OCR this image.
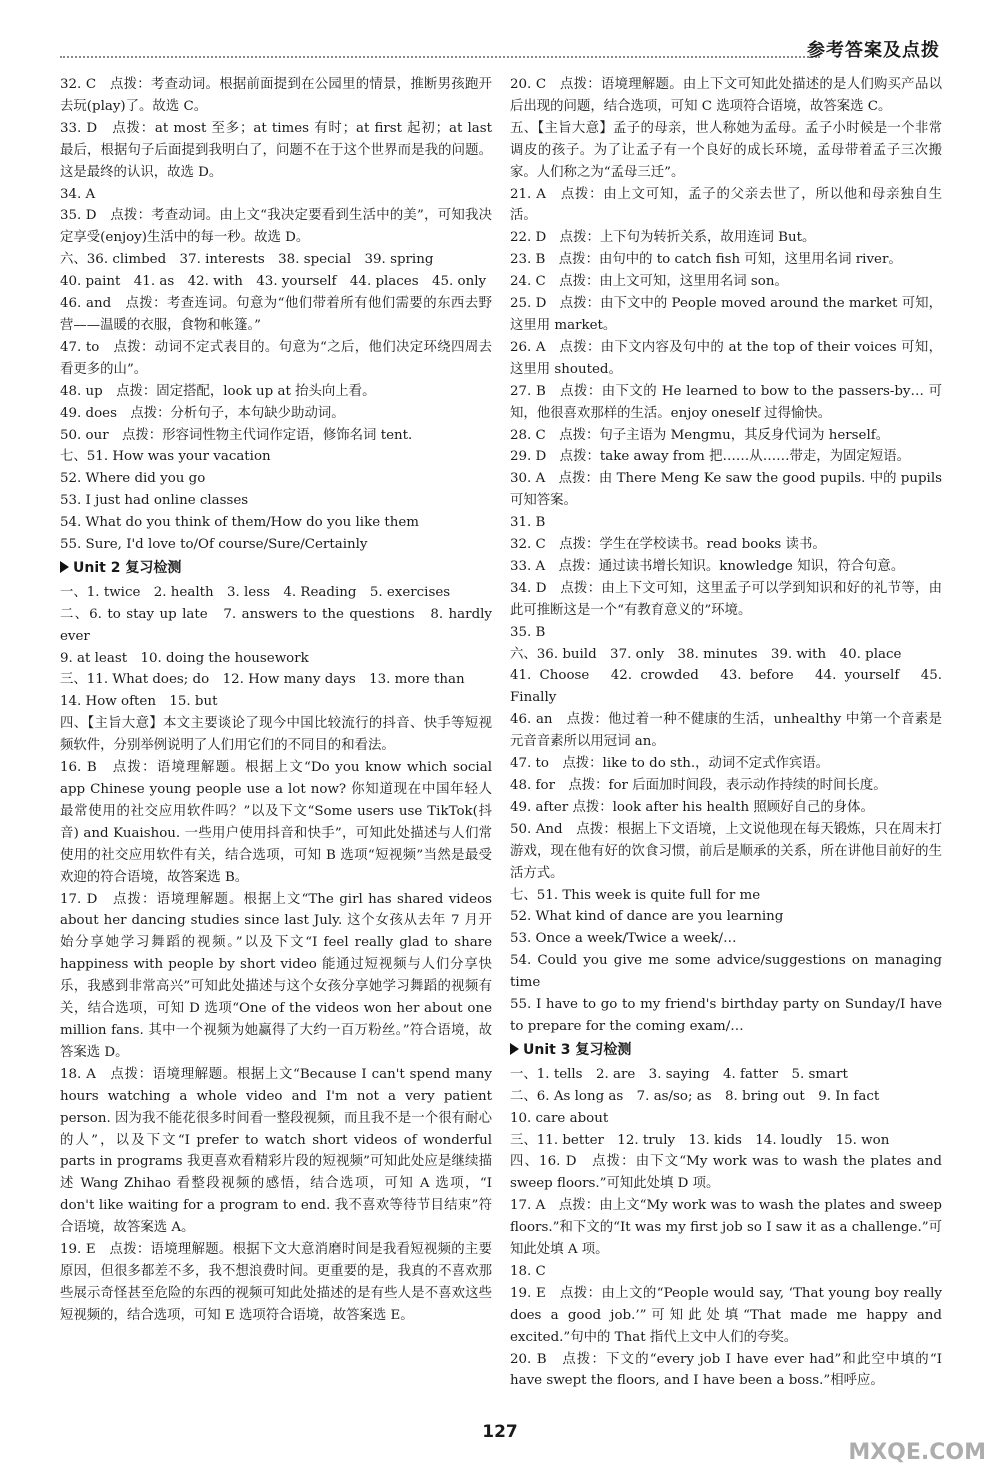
参考答案及点拨

32. C　点拨：考查动词。根据前面提到在公园里的情景，推断男孩跑开去玩(play)了。故选 C。

33. D　点拨：at most 至多；at times 有时；at first 起初；at last 最后，根据句子后面提到我明白了，问题不在于这个世界而是我的问题。这是最终的认识，故选 D。

34. A

35. D　点拨：考查动词。由上文“我决定要看到生活中的美”，可知我决定享受(enjoy)生活中的每一秒。故选 D。

六、36. climbed　37. interests　38. special　39. spring

40. paint　41. as　42. with　43. yourself　44. places　45. only

46. and　点拨：考查连词。句意为“他们带着所有他们需要的东西去野营——温暖的衣服，食物和帐篷。”

47. to　点拨：动词不定式表目的。句意为“之后，他们决定环绕四周去看更多的山”。

48. up　点拨：固定搭配，look up at 抬头向上看。

49. does　点拨：分析句子，本句缺少助动词。

50. our　点拨：形容词性物主代词作定语，修饰名词 tent.

七、51. How was your vacation

52. Where did you go

53. I just had online classes

54. What do you think of them/How do you like them

55. Sure, I'd love to/Of course/Sure/Certainly

Unit 2 复习检测

一、1. twice　2. health　3. less　4. Reading　5. exercises

二、6. to stay up late　7. answers to the questions　8. hardly ever

9. at least　10. doing the housework

三、11. What does; do　12. How many days　13. more than

14. How often　15. but

四、【主旨大意】本文主要谈论了现今中国比较流行的抖音、快手等短视频软件，分别举例说明了人们用它们的不同目的和看法。

16. B　点拨：语境理解题。根据上文“Do you know which social app Chinese young people use a lot now? 你知道现在中国年轻人最常使用的社交应用软件吗？”以及下文“Some users use TikTok(抖音) and Kuaishou. 一些用户使用抖音和快手”，可知此处描述与人们常使用的社交应用软件有关，结合选项，可知 B 选项“短视频”当然是最受欢迎的符合语境，故答案选 B。

17. D　点拨：语境理解题。根据上文“The girl has shared videos about her dancing studies since last July. 这个女孩从去年 7 月开始分享她学习舞蹈的视频。”以及下文“I feel really glad to share happiness with people by short video 能通过短视频与人们分享快乐，我感到非常高兴”可知此处描述与这个女孩分享她学习舞蹈的视频有关，结合选项，可知 D 选项“One of the videos won her about one million fans. 其中一个视频为她赢得了大约一百万粉丝。”符合语境，故答案选 D。

18. A　点拨：语境理解题。根据上文“Because I can't spend many hours watching a whole video and I'm not a very patient person. 因为我不能花很多时间看一整段视频，而且我不是一个很有耐心的人”，以及下文“I prefer to watch short videos of wonderful parts in programs 我更喜欢看精彩片段的短视频”可知此处应是继续描述 Wang Zhihao 看整段视频的感悟，结合选项，可知 A 选项，“I don't like waiting for a program to end. 我不喜欢等待节目结束”符合语境，故答案选 A。

19. E　点拨：语境理解题。根据下文大意消磨时间是我看短视频的主要原因，但很多都差不多，我不想浪费时间。更重要的是，我真的不喜欢那些展示奇怪甚至危险的东西的视频可知此处描述的是有些人是不喜欢这些短视频的，结合选项，可知 E 选项符合语境，故答案选 E。

20. C　点拨：语境理解题。由上下文可知此处描述的是人们购买产品以后出现的问题，结合选项，可知 C 选项符合语境，故答案选 C。

五、【主旨大意】孟子的母亲，世人称她为孟母。孟子小时候是一个非常调皮的孩子。为了让孟子有一个良好的成长环境，孟母带着孟子三次搬家。人们称之为“孟母三迁”。

21. A　点拨：由上文可知，孟子的父亲去世了，所以他和母亲独自生活。

22. D　点拨：上下句为转折关系，故用连词 But。

23. B　点拨：由句中的 to catch fish 可知，这里用名词 river。

24. C　点拨：由上文可知，这里用名词 son。

25. D　点拨：由下文中的 People moved around the market 可知，这里用 market。

26. A　点拨：由下文内容及句中的 at the top of their voices 可知，这里用 shouted。

27. B　点拨：由下文的 He learned to bow to the passers-by… 可知，他很喜欢那样的生活。enjoy oneself 过得愉快。

28. C　点拨：句子主语为 Mengmu，其反身代词为 herself。

29. D　点拨：take away from 把……从……带走，为固定短语。

30. A　点拨：由 There Meng Ke saw the good pupils. 中的 pupils 可知答案。

31. B

32. C　点拨：学生在学校读书。read books 读书。

33. A　点拨：通过读书增长知识。knowledge 知识，符合句意。

34. D　点拨：由上下文可知，这里孟子可以学到知识和好的礼节等，由此可推断这是一个“有教育意义的”环境。

35. B

六、36. build　37. only　38. minutes　39. with　40. place

41. Choose　42. crowded　43. before　44. yourself　45. Finally

46. an　点拨：他过着一种不健康的生活，unhealthy 中第一个音素是元音音素所以用冠词 an。

47. to　点拨：like to do sth.，动词不定式作宾语。

48. for　点拨：for 后面加时间段，表示动作持续的时间长度。

49. after 点拨：look after his health 照顾好自己的身体。

50. And　点拨：根据上下文语境，上文说他现在每天锻炼，只在周末打游戏，现在他有好的饮食习惯，前后是顺承的关系，所在讲他目前好的生活方式。

七、51. This week is quite full for me

52. What kind of dance are you learning

53. Once a week/Twice a week/…

54. Could you give me some advice/suggestions on managing time

55. I have to go to my friend's birthday party on Sunday/I have to prepare for the coming exam/…

Unit 3 复习检测

一、1. tells　2. are　3. saying　4. fatter　5. smart

二、6. As long as　7. as/so; as　8. bring out　9. In fact

10. care about

三、11. better　12. truly　13. kids　14. loudly　15. won

四、16. D　点拨：由下文“My work was to wash the plates and sweep floors.”可知此处填 D 项。

17. A　点拨：由上文“My work was to wash the plates and sweep floors.”和下文的“It was my first job so I saw it as a challenge.”可知此处填 A 项。

18. C

19. E　点拨：由上文的“People would say, ‘That young boy really does a good job.’”可知此处填“That made me happy and excited.”句中的 That 指代上文中人们的夸奖。

20. B　点拨：下文的“every job I have ever had”和此空中填的“I have swept the floors, and I have been a boss.”相呼应。

127
MXQE.COM
